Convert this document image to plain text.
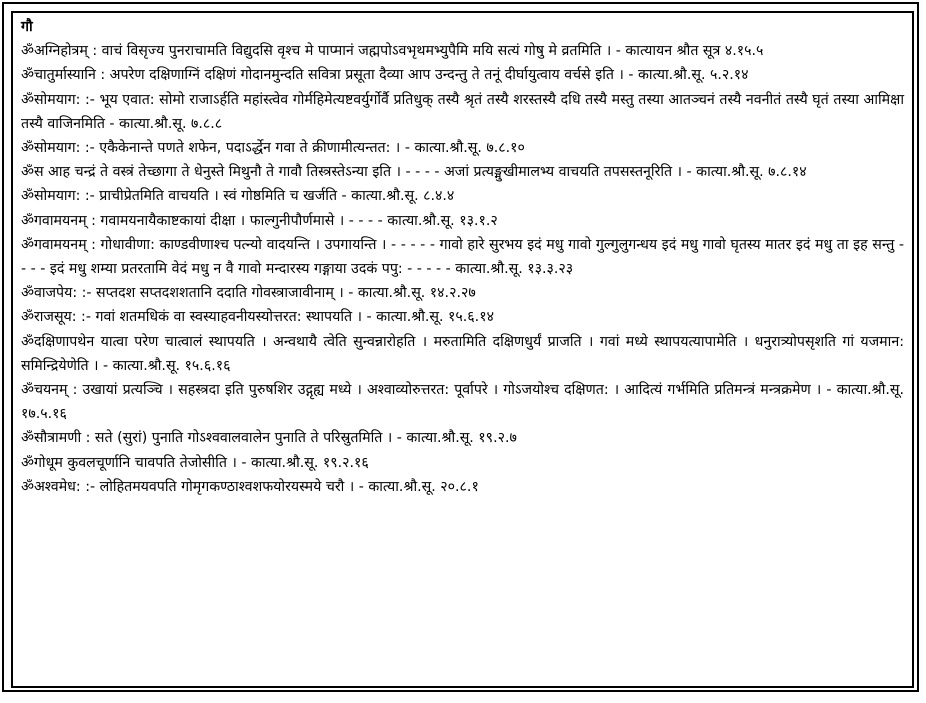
गौ

ॐअग्निहोत्रम् : वाचं विसृज्य पुनराचामति विद्युदसि वृश्च मे पाप्मानं जह्मपोऽवभृथमभ्युपैमि मयि सत्यं गोषु मे व्रतमिति । - कात्यायन श्रौत सूत्र ४.१५.५

ॐचातुर्मास्यानि : अपरेण दक्षिणाग्निं दक्षिणं गोदानमुन्दति सवित्रा प्रसूता दैव्या आप उन्दन्तु ते तनूं दीर्घायुत्वाय वर्चसे इति । - कात्या.श्रौ.सू. ५.२.१४

ॐसोमयाग: :- भूय एवात: सोमो राजाऽर्हति महांस्त्वेव गोर्महिमेत्यष्टवर्युर्गोर्वै प्रतिधुक् तस्यै श्रृतं तस्यै शरस्तस्यै दधि तस्यै मस्तु तस्या आतञ्चनं तस्यै नवनीतं तस्यै घृतं तस्या आमिक्षा तस्यै वाजिनमिति - कात्या.श्रौ.सू. ७.८.८

ॐसोमयाग: :- एकैकेनान्ते पणते शफेन, पदाऽर्द्धेन गवा ते क्रीणामीत्यन्तत: । - कात्या.श्रौ.सू. ७.८.१०

ॐस आह चन्द्रं ते वस्त्रं तेच्छागा ते धेनुस्ते मिथुनौ ते गावौ तिस्त्रस्तेऽन्या इति । - - - - अजां प्रत्यङ्मुखीमालभ्य वाचयति तपसस्तनूरिति । - कात्या.श्रौ.सू. ७.८.१४

ॐसोमयाग: :- प्राचीप्रेतमिति वाचयति । स्वं गोष्ठमिति च खर्जति - कात्या.श्रौ.सू. ८.४.४

ॐगवामयनम् : गवामयनायैकाष्टकायां दीक्षा । फाल्गुनीपौर्णमासे । - - - - कात्या.श्रौ.सू. १३.१.२

ॐगवामयनम् : गोधावीणा: काण्डवीणाश्च पत्न्यो वादयन्ति । उपगायन्ति । - - - - - गावो हारे सुरभय इदं मधु गावो गुल्गुलुगन्धय इदं मधु गावो घृतस्य मातर इदं मधु ता इह सन्तु - - - - इदं मधु शम्या प्रतरतामि वेदं मधु न वै गावो मन्दारस्य गङ्गाया उदकं पपु: - - - - - कात्या.श्रौ.सू. १३.३.२३

ॐवाजपेय: :- सप्तदश सप्तदशशतानि ददाति गोवस्त्राजावीनाम् । - कात्या.श्रौ.सू. १४.२.२७

ॐराजसूय: :- गवां शतमधिकं वा स्वस्याहवनीयस्योत्तरत: स्थापयति । - कात्या.श्रौ.सू. १५.६.१४

ॐदक्षिणापथेन यात्वा परेण चात्वालं स्थापयति । अन्वथायै त्वेति सुन्वन्नारोहति । मरुतामिति दक्षिणधुर्यं प्राजति । गवां मध्ये स्थापयत्यापामेति । धनुरात्र्योपसृशति गां यजमान: समिन्द्रियेणेति । - कात्या.श्रौ.सू. १५.६.१६

ॐचयनम् : उखायां प्रत्यञ्चि । सहस्त्रदा इति पुरुषशिर उद्गृह्य मध्ये । अश्वाव्योरुत्तरत: पूर्वापरे । गोऽजयोश्च दक्षिणत: । आदित्यं गर्भमिति प्रतिमन्त्रं मन्त्रक्रमेण । - कात्या.श्रौ.सू. १७.५.१६

ॐसौत्रामणी : सते (सुरां) पुनाति गोऽश्ववालवालेन पुनाति ते परिस्रुतमिति । - कात्या.श्रौ.सू. १९.२.७

ॐगोधूम कुवलचूर्णानि चावपति तेजोसीति । - कात्या.श्रौ.सू. १९.२.१६

ॐअश्वमेध: :- लोहितमयवपति गोमृगकण्ठाश्वशफयोरयस्मये चरौ । - कात्या.श्रौ.सू. २०.८.१
